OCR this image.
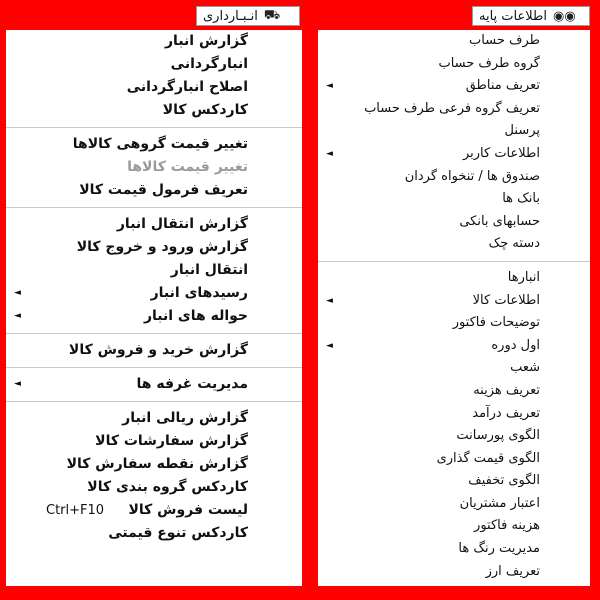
◉◉
اطلاعات پایه
⛟
انـبـارداری
طرف حساب
گروه طرف حساب
تعریف مناطق
◄
تعریف گروه فرعی طرف حساب
پرسنل
اطلاعات کاربر
◄
صندوق ها / تنخواه گردان
بانک ها
حسابهای بانکی
دسته چک
انبارها
اطلاعات کالا
◄
توضیحات فاکتور
اول دوره
◄
شعب
تعریف هزینه
تعریف درآمد
الگوی پورسانت
الگوی قیمت گذاری
الگوی تخفیف
اعتبار مشتریان
هزینه فاکتور
مدیریت رنگ ها
تعریف ارز
گزارش انبار
انبارگردانی
اصلاح انبارگردانی
کاردکس کالا
تغییر قیمت گروهی کالاها
تغییر قیمت کالاها
تعریف فرمول قیمت کالا
گزارش انتقال انبار
گزارش ورود و خروج کالا
انتقال انبار
رسیدهای انبار
◄
حواله های انبار
◄
گزارش خرید و فروش کالا
مدیریت غرفه ها
◄
گزارش ریالی انبار
گزارش سفارشات کالا
گزارش نقطه سفارش کالا
کاردکس گروه بندی کالا
لیست فروش کالا
Ctrl+F10
کاردکس تنوع قیمتی
